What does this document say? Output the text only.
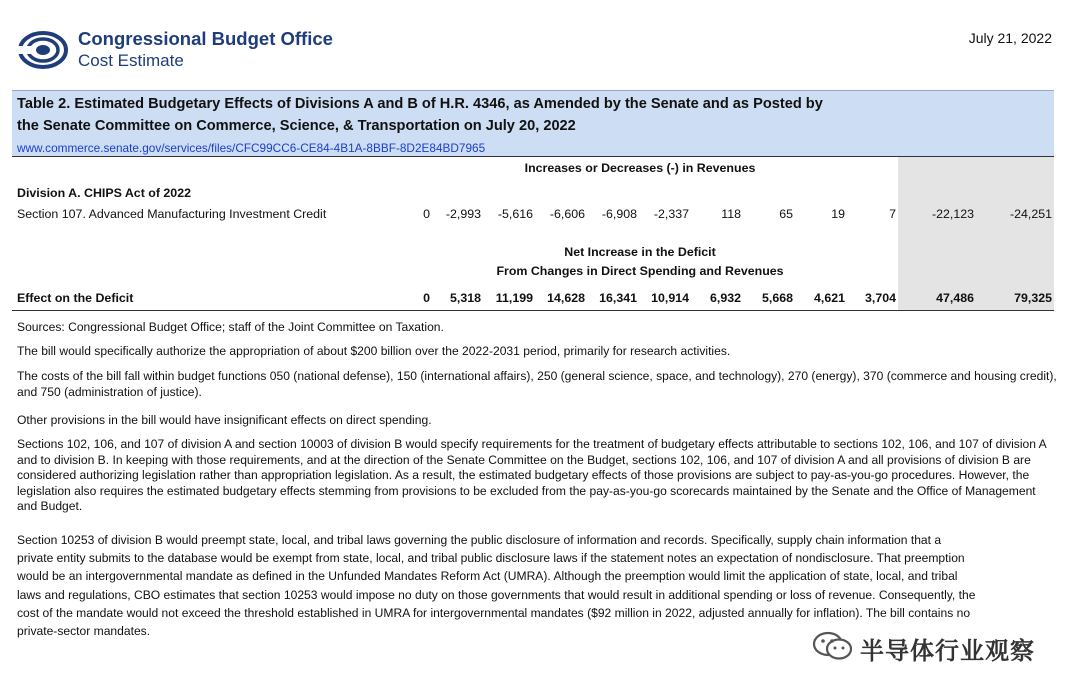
Congressional Budget Office
Cost Estimate
July 21, 2022
Table 2. Estimated Budgetary Effects of Divisions A and B of H.R. 4346, as Amended by the Senate and as Posted by
the Senate Committee on Commerce, Science, & Transportation on July 20, 2022
www.commerce.senate.gov/services/files/CFC99CC6-CE84-4B1A-8BBF-8D2E84BD7965
Increases or Decreases (-) in Revenues
Division A. CHIPS Act of 2022
Section 107. Advanced Manufacturing Investment Credit	0	-2,993	-5,616	-6,606	-6,908	-2,337	118	65	19	7	-22,123	-24,251
Net Increase in the Deficit
From Changes in Direct Spending and Revenues
Effect on the Deficit	0	5,318	11,199	14,628	16,341	10,914	6,932	5,668	4,621	3,704	47,486	79,325
Sources: Congressional Budget Office; staff of the Joint Committee on Taxation.
The bill would specifically authorize the appropriation of about $200 billion over the 2022-2031 period, primarily for research activities.
The costs of the bill fall within budget functions 050 (national defense), 150 (international affairs), 250 (general science, space, and technology), 270 (energy), 370 (commerce and housing credit), and 750 (administration of justice).
Other provisions in the bill would have insignificant effects on direct spending.
Sections 102, 106, and 107 of division A and section 10003 of division B would specify requirements for the treatment of budgetary effects attributable to sections 102, 106, and 107 of division A and to division B. In keeping with those requirements, and at the direction of the Senate Committee on the Budget, sections 102, 106, and 107 of division A and all provisions of division B are considered authorizing legislation rather than appropriation legislation. As a result, the estimated budgetary effects of those provisions are subject to pay-as-you-go procedures. However, the legislation also requires the estimated budgetary effects stemming from provisions to be excluded from the pay-as-you-go scorecards maintained by the Senate and the Office of Management and Budget.
Section 10253 of division B would preempt state, local, and tribal laws governing the public disclosure of information and records. Specifically, supply chain information that a private entity submits to the database would be exempt from state, local, and tribal public disclosure laws if the statement notes an expectation of nondisclosure. That preemption would be an intergovernmental mandate as defined in the Unfunded Mandates Reform Act (UMRA). Although the preemption would limit the application of state, local, and tribal laws and regulations, CBO estimates that section 10253 would impose no duty on those governments that would result in additional spending or loss of revenue. Consequently, the cost of the mandate would not exceed the threshold established in UMRA for intergovernmental mandates ($92 million in 2022, adjusted annually for inflation). The bill contains no private-sector mandates.
半导体行业观察
